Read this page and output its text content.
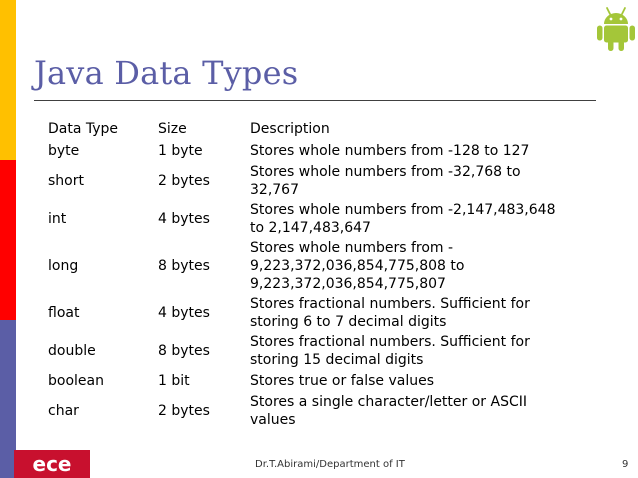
Java Data Types
Data Type	Size	Description
byte	1 byte	Stores whole numbers from -128 to 127

short	2 bytes	Stores whole numbers from -32,768 to
32,767

int	4 bytes	Stores whole numbers from -2,147,483,648
to 2,147,483,647

long	8 bytes	Stores whole numbers from -
9,223,372,036,854,775,808 to
9,223,372,036,854,775,807

float	4 bytes	Stores fractional numbers. Sufficient for
storing 6 to 7 decimal digits

double	8 bytes	Stores fractional numbers. Sufficient for
storing 15 decimal digits

boolean	1 bit	Stores true or false values

char	2 bytes	Stores a single character/letter or ASCII
values
ece	Dr.T.Abirami/Department of IT	9
